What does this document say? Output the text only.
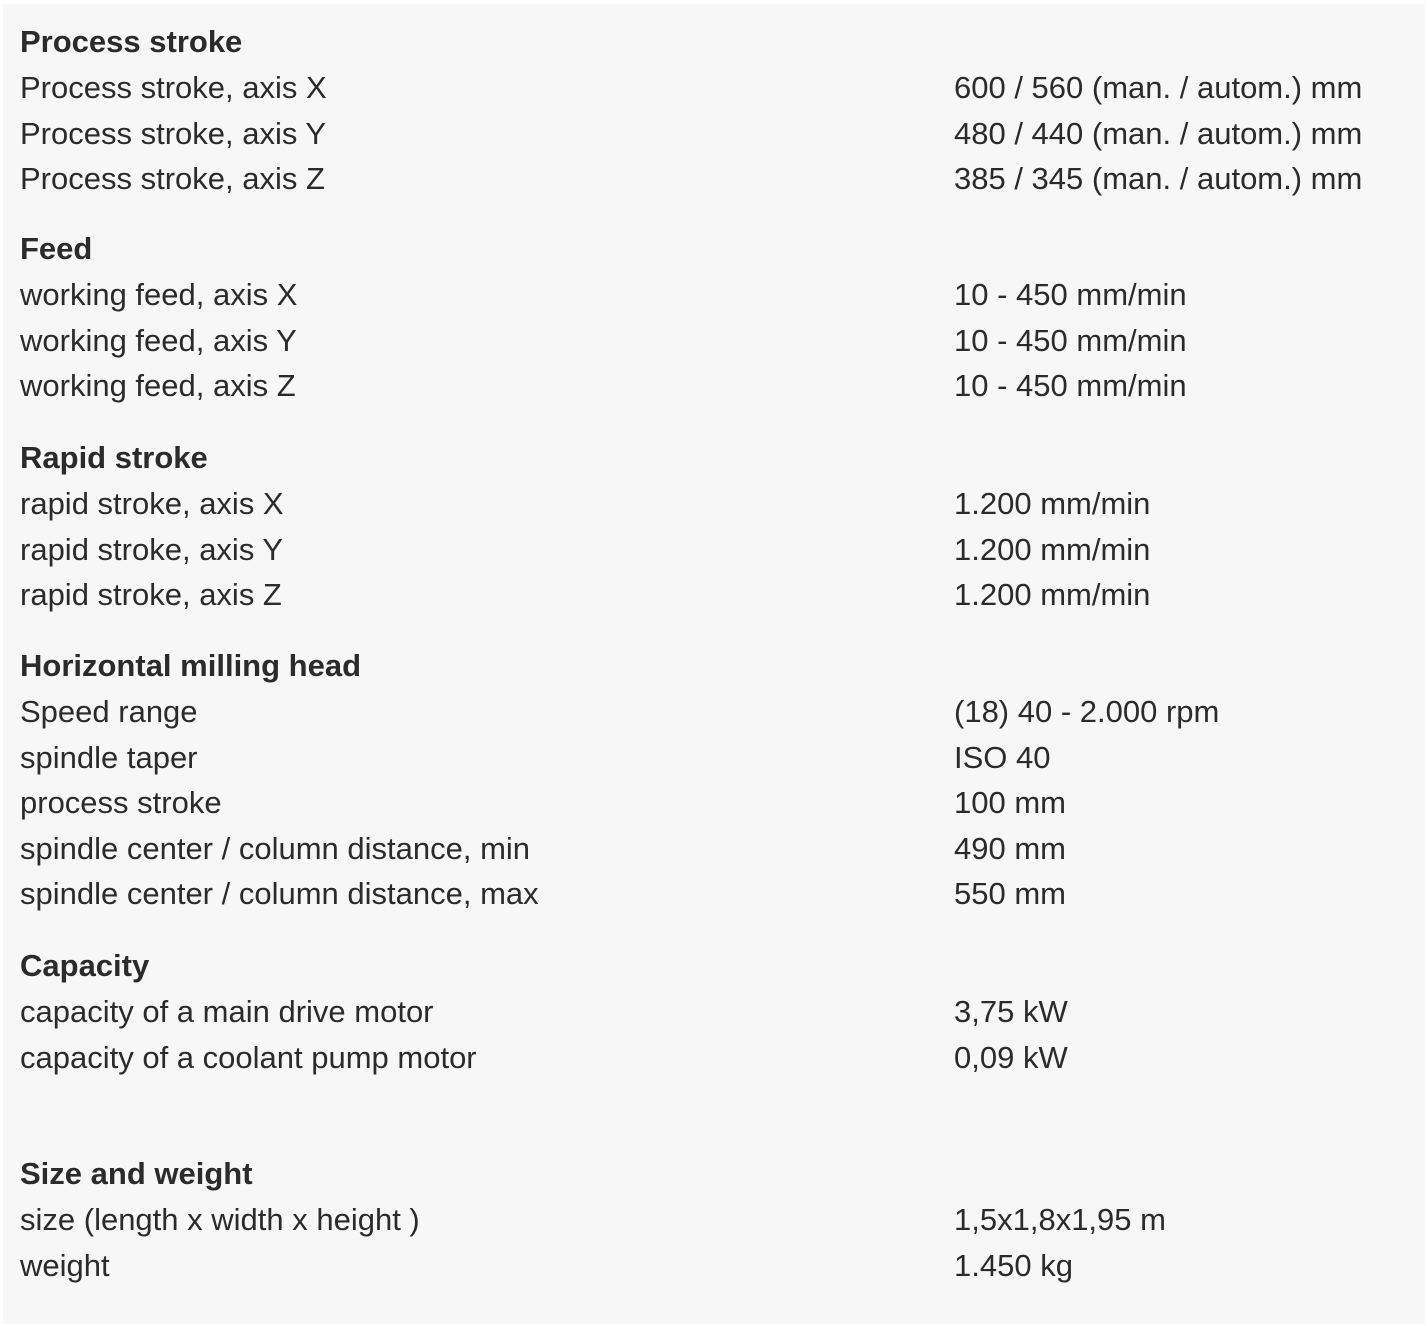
Process stroke
Process stroke, axis X	600 / 560 (man. / autom.) mm
Process stroke, axis Y	480 / 440 (man. / autom.) mm
Process stroke, axis Z	385 / 345 (man. / autom.) mm
Feed
working feed, axis X	10 - 450 mm/min
working feed, axis Y	10 - 450 mm/min
working feed, axis Z	10 - 450 mm/min
Rapid stroke
rapid stroke, axis X	1.200 mm/min
rapid stroke, axis Y	1.200 mm/min
rapid stroke, axis Z	1.200 mm/min
Horizontal milling head
Speed range	(18) 40 - 2.000 rpm
spindle taper	ISO 40
process stroke	100 mm
spindle center / column distance, min	490 mm
spindle center / column distance, max	550 mm
Capacity
capacity of a main drive motor	3,75 kW
capacity of a coolant pump motor	0,09 kW
Size and weight
size (length x width x height )	1,5x1,8x1,95 m
weight	1.450 kg
